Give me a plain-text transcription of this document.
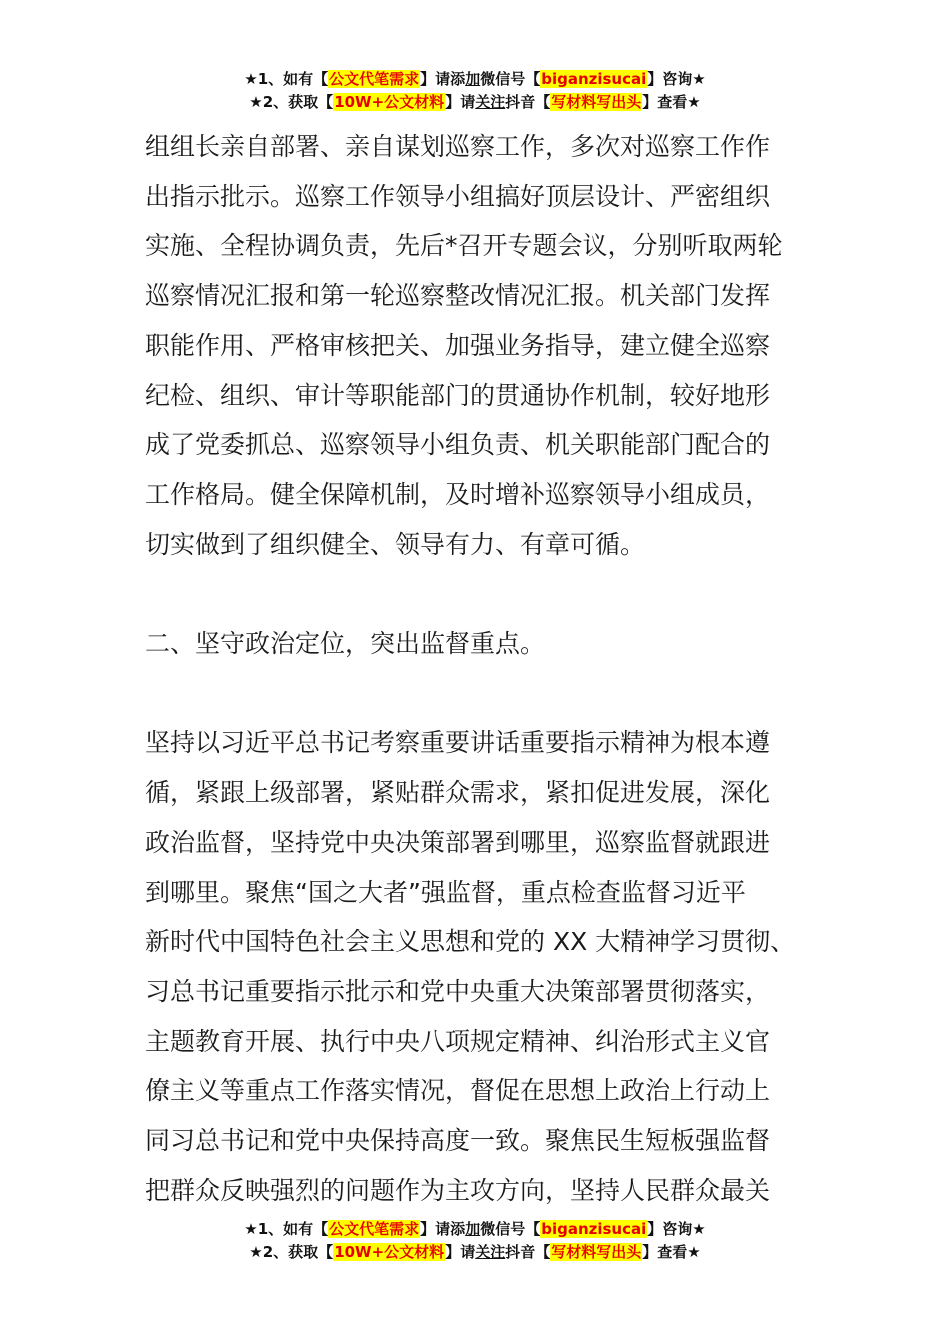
★1、如有【公文代笔需求】请添加微信号【biganzisucai】咨询★
★2、获取【10W+公文材料】请关注抖音【写材料写出头】查看★

组组长亲自部署、亲自谋划巡察工作，多次对巡察工作作

出指示批示。巡察工作领导小组搞好顶层设计、严密组织

实施、全程协调负责，先后*召开专题会议，分别听取两轮

巡察情况汇报和第一轮巡察整改情况汇报。机关部门发挥

职能作用、严格审核把关、加强业务指导，建立健全巡察

纪检、组织、审计等职能部门的贯通协作机制，较好地形

成了党委抓总、巡察领导小组负责、机关职能部门配合的

工作格局。健全保障机制，及时增补巡察领导小组成员，

切实做到了组织健全、领导有力、有章可循。

二、坚守政治定位，突出监督重点。

坚持以习近平总书记考察重要讲话重要指示精神为根本遵

循，紧跟上级部署，紧贴群众需求，紧扣促进发展，深化

政治监督，坚持党中央决策部署到哪里，巡察监督就跟进

到哪里。聚焦“国之大者”强监督，重点检查监督习近平

新时代中国特色社会主义思想和党的 XX 大精神学习贯彻、

习总书记重要指示批示和党中央重大决策部署贯彻落实，

主题教育开展、执行中央八项规定精神、纠治形式主义官

僚主义等重点工作落实情况，督促在思想上政治上行动上

同习总书记和党中央保持高度一致。聚焦民生短板强监督

把群众反映强烈的问题作为主攻方向，坚持人民群众最关

★1、如有【公文代笔需求】请添加微信号【biganzisucai】咨询★
★2、获取【10W+公文材料】请关注抖音【写材料写出头】查看★
